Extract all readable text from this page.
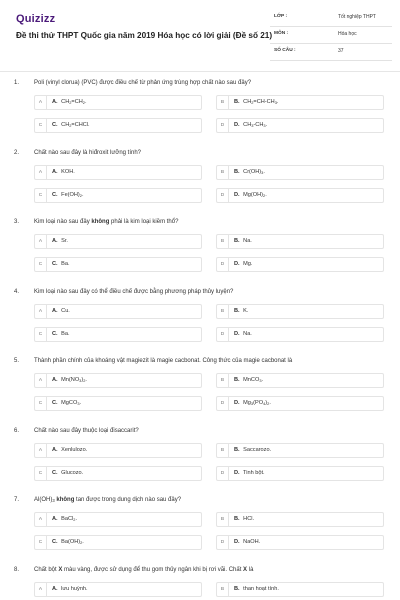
Quizizz
Đề thi thử THPT Quốc gia năm 2019 Hóa học có lời giải (Đề số 21)
LỚP :	Tốt nghiệp THPT
MÔN :	Hóa học
SỐ CÂU :	37
1. Poli (vinyl clorua) (PVC) được điều chế từ phản ứng trùng hợp chất nào sau đây?
A	A. $CH_2=CH_2$.	B	B. $CH_2=CH-CH_3$.
C	C. $CH_2=CHCl$.	D	D. $CH_3-CH_3$.
2. Chất nào sau đây là hiđroxit lưỡng tính?
A	A. KOH.	B	B. $Cr(OH)_3$.
C	C. $Fe(OH)_2$.	D	D. $Mg(OH)_2$.
3. Kim loại nào sau đây không phải là kim loại kiềm thổ?
A	A. Sr.	B	B. Na.
C	C. Ba.	D	D. Mg.
4. Kim loại nào sau đây có thể điều chế được bằng phương pháp thủy luyện?
A	A. Cu.	B	B. K.
C	C. Ba.	D	D. Na.
5. Thành phần chính của khoáng vật magiezit là magie cacbonat. Công thức của magie cacbonat là
A	A. $Mn(NO_3)_2$.	B	B. MnCO$_3$.
C	C. MgCO$_3$.	D	D. $Mg_3(PO_4)_2$.
6. Chất nào sau đây thuộc loại đisaccarit?
A	A. Xenlulozo.	B	B. Saccarozo.
C	C. Glucozo.	D	D. Tinh bột.
7. $Al(OH)_3$ không tan được trong dung dịch nào sau đây?
A	A. BaCl$_2$.	B	B. HCl.
C	C. $Ba(OH)_2$.	D	D. NaOH.
8. Chất bột X màu vàng, được sử dụng để thu gom thủy ngân khi bị rơi vãi. Chất X là
A	A. lưu huỳnh.	B	B. than hoạt tính.
